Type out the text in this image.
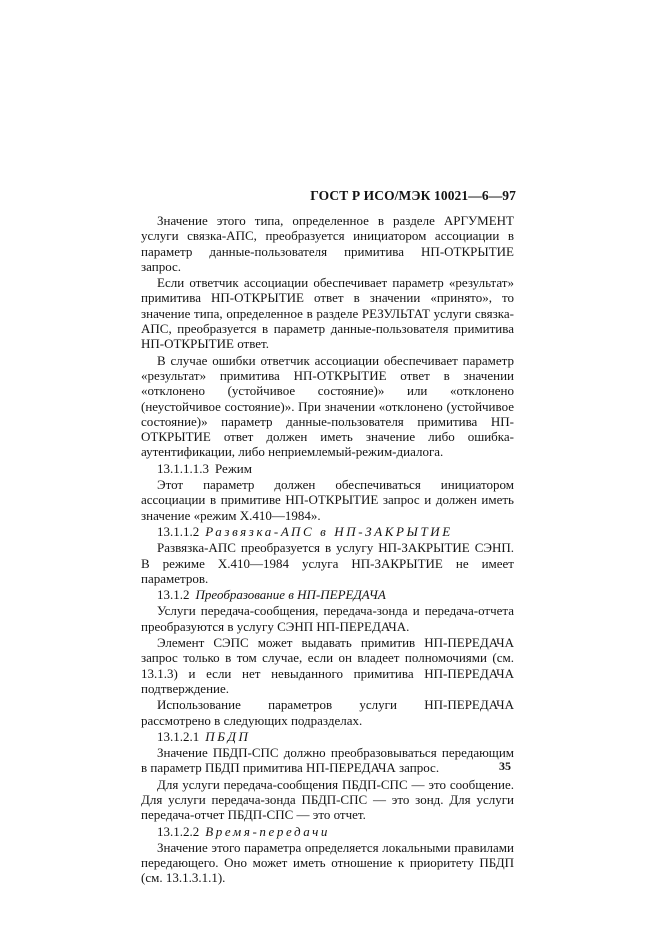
ГОСТ Р ИСО/МЭК 10021—6—97

Значение этого типа, определенное в разделе АРГУМЕНТ услуги связка-АПС, преобразуется инициатором ассоциации в параметр данные-пользователя примитива НП-ОТКРЫТИЕ запрос.

Если ответчик ассоциации обеспечивает параметр «результат» примитива НП-ОТКРЫТИЕ ответ в значении «принято», то значение типа, определенное в разделе РЕЗУЛЬТАТ услуги связка-АПС, преобразуется в параметр данные-пользователя примитива НП-ОТКРЫТИЕ ответ.

В случае ошибки ответчик ассоциации обеспечивает параметр «результат» примитива НП-ОТКРЫТИЕ ответ в значении «отклонено (устойчивое состояние)» или «отклонено (неустойчивое состояние)». При значении «отклонено (устойчивое состояние)» параметр данные-пользователя примитива НП-ОТКРЫТИЕ ответ должен иметь значение либо ошибка-аутентификации, либо неприемлемый-режим-диалога.

13.1.1.1.3 Режим

Этот параметр должен обеспечиваться инициатором ассоциации в примитиве НП-ОТКРЫТИЕ запрос и должен иметь значение «режим Х.410—1984».

13.1.1.2 Развязка-АПС в НП-ЗАКРЫТИЕ

Развязка-АПС преобразуется в услугу НП-ЗАКРЫТИЕ СЭНП. В режиме Х.410—1984 услуга НП-ЗАКРЫТИЕ не имеет параметров.

13.1.2 Преобразование в НП-ПЕРЕДАЧА

Услуги передача-сообщения, передача-зонда и передача-отчета преобразуются в услугу СЭНП НП-ПЕРЕДАЧА.

Элемент СЭПС может выдавать примитив НП-ПЕРЕДАЧА запрос только в том случае, если он владеет полномочиями (см. 13.1.3) и если нет невыданного примитива НП-ПЕРЕДАЧА подтверждение.

Использование параметров услуги НП-ПЕРЕДАЧА рассмотрено в следующих подразделах.

13.1.2.1 ПБДП

Значение ПБДП-СПС должно преобразовываться передающим в параметр ПБДП примитива НП-ПЕРЕДАЧА запрос.

Для услуги передача-сообщения ПБДП-СПС — это сообщение. Для услуги передача-зонда ПБДП-СПС — это зонд. Для услуги передача-отчет ПБДП-СПС — это отчет.

13.1.2.2 Время-передачи

Значение этого параметра определяется локальными правилами передающего. Оно может иметь отношение к приоритету ПБДП (см. 13.1.3.1.1).

35
